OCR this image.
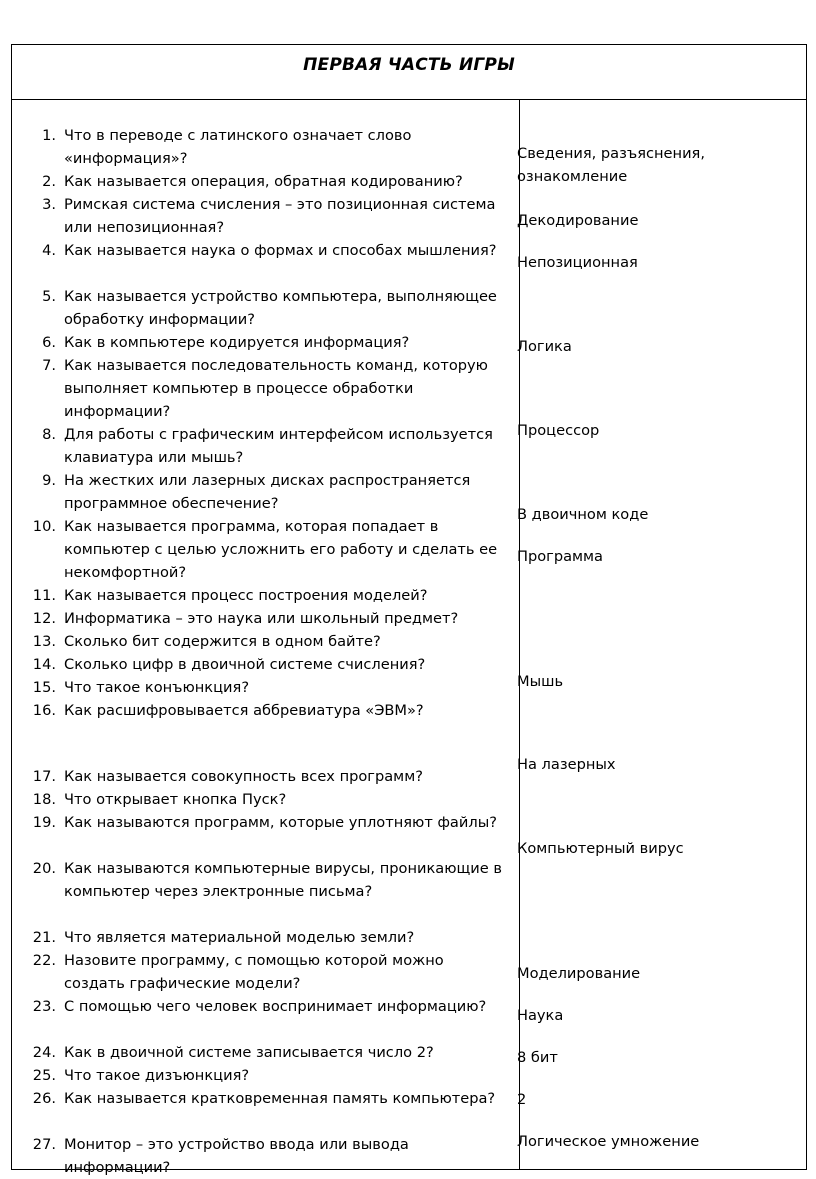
ПЕРВАЯ ЧАСТЬ ИГРЫ
1. Что в переводе с латинского означает слово «информация»?
2. Как называется операция, обратная кодированию?
3. Римская система счисления – это позиционная система или непозиционная?
4. Как называется наука о формах и способах мышления?
5. Как называется устройство компьютера, выполняющее обработку информации?
6. Как в компьютере кодируется информация?
7. Как называется последовательность команд, которую выполняет компьютер в процессе обработки информации?
8. Для работы с графическим интерфейсом используется клавиатура или мышь?
9. На жестких или лазерных дисках распространяется программное обеспечение?
10. Как называется программа, которая попадает в компьютер с целью усложнить его работу и сделать ее некомфортной?
11. Как называется процесс построения моделей?
12. Информатика – это наука или школьный предмет?
13. Сколько бит содержится в одном байте?
14. Сколько цифр в двоичной системе счисления?
15. Что такое конъюнкция?
16. Как расшифровывается аббревиатура «ЭВМ»?
17. Как называется совокупность всех программ?
18. Что открывает кнопка Пуск?
19. Как называются программ, которые уплотняют файлы?
20. Как называются компьютерные вирусы, проникающие в компьютер через электронные письма?
21. Что является материальной моделью земли?
22. Назовите программу, с помощью которой можно создать графические модели?
23. С помощью чего человек воспринимает информацию?
24. Как в двоичной системе записывается число 2?
25. Что такое дизъюнкция?
26. Как называется кратковременная память компьютера?
27. Монитор – это устройство ввода или вывода информации?
Сведения, разъяснения, ознакомление
Декодирование
Непозиционная
Логика
Процессор
В двоичном коде
Программа
Мышь
На лазерных
Компьютерный вирус
Моделирование
Наука
8 бит
2
Логическое умножение
